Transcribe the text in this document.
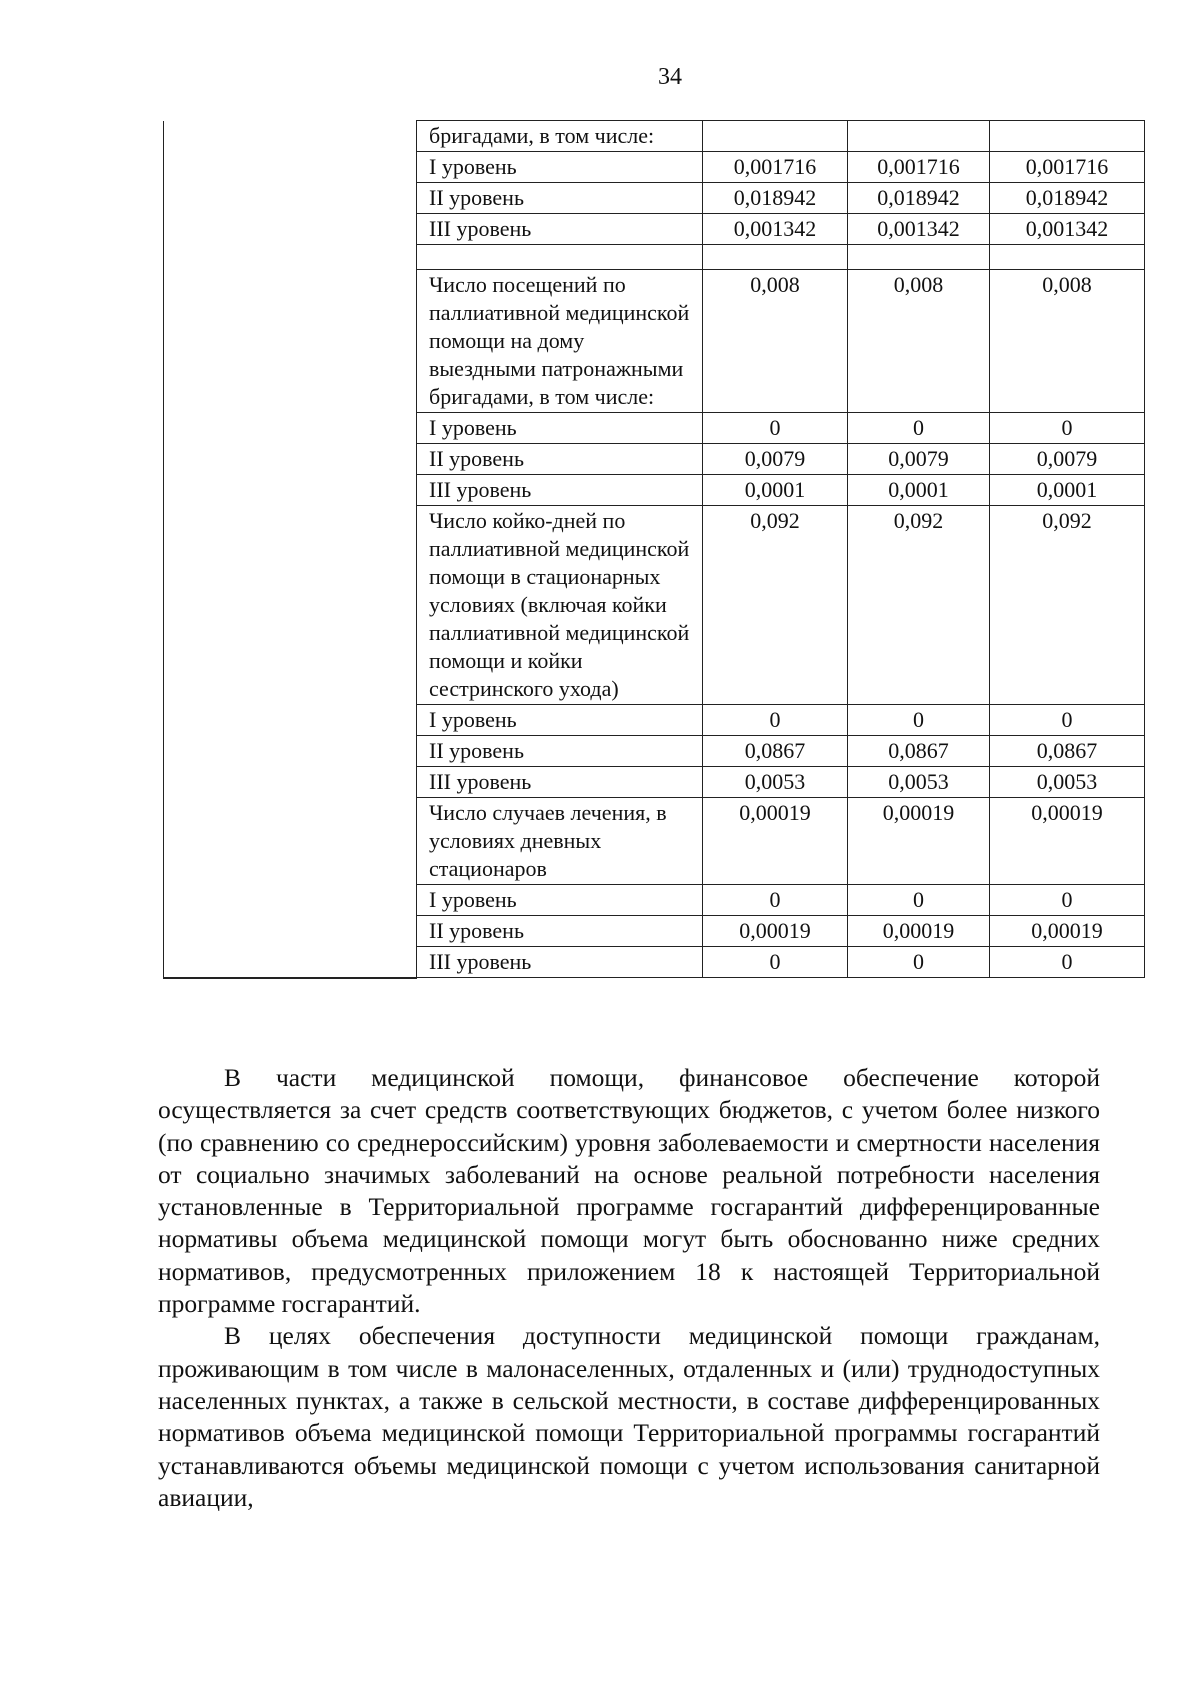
34
	бригадами, в том числе:			
	I уровень	0,001716	0,001716	0,001716
	II уровень	0,018942	0,018942	0,018942
	III уровень	0,001342	0,001342	0,001342

	Число посещений по паллиативной медицинской помощи на дому выездными патронажными бригадами, в том числе:	0,008	0,008	0,008
	I уровень	0	0	0
	II уровень	0,0079	0,0079	0,0079
	III уровень	0,0001	0,0001	0,0001
	Число койко-дней по паллиативной медицинской помощи в стационарных условиях (включая койки паллиативной медицинской помощи и койки сестринского ухода)	0,092	0,092	0,092
	I уровень	0	0	0
	II уровень	0,0867	0,0867	0,0867
	III уровень	0,0053	0,0053	0,0053
	Число случаев лечения, в условиях дневных стационаров	0,00019	0,00019	0,00019
	I уровень	0	0	0
	II уровень	0,00019	0,00019	0,00019
	III уровень	0	0	0

В части медицинской помощи, финансовое обеспечение которой осуществляется за счет средств соответствующих бюджетов, с учетом более низкого (по сравнению со среднероссийским) уровня заболеваемости и смертности населения от социально значимых заболеваний на основе реальной потребности населения установленные в Территориальной программе госгарантий дифференцированные нормативы объема медицинской помощи могут быть обоснованно ниже средних нормативов, предусмотренных приложением 18 к настоящей Территориальной программе госгарантий.

В целях обеспечения доступности медицинской помощи гражданам, проживающим в том числе в малонаселенных, отдаленных и (или) труднодоступных населенных пунктах, а также в сельской местности, в составе дифференцированных нормативов объема медицинской помощи Территориальной программы госгарантий устанавливаются объемы медицинской помощи с учетом использования санитарной авиации,
